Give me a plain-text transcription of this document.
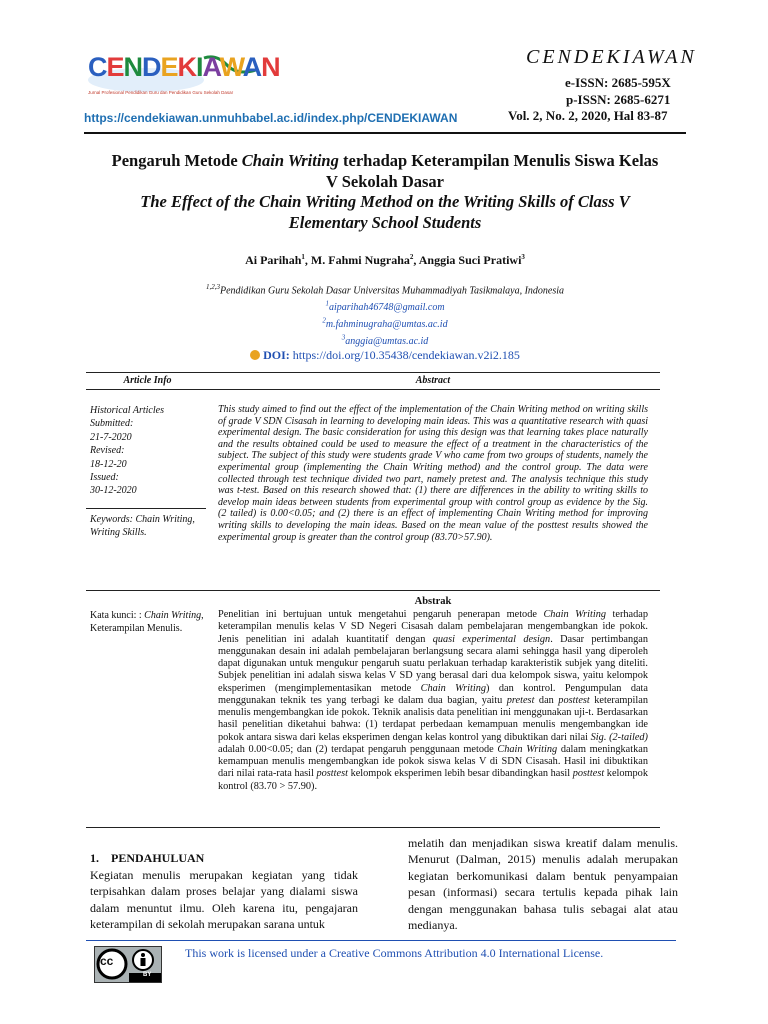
Jurnal Profesional Pendidikan Guru dan Pendidikan Guru Sekolah Dasar
CENDEKIAWAN
https://cendekiawan.unmuhbabel.ac.id/index.php/CENDEKIAWAN
CENDEKIAWAN
e-ISSN: 2685-595X
p-ISSN: 2685-6271
Vol. 2, No. 2, 2020, Hal 83-87
Pengaruh Metode Chain Writing terhadap Keterampilan Menulis Siswa Kelas
V Sekolah Dasar
The Effect of the Chain Writing Method on the Writing Skills of Class V
Elementary School Students
Ai Parihah$^1$, M. Fahmi Nugraha$^2$, Anggia Suci Pratiwi$^3$
$^{1,2,3}$Pendidikan Guru Sekolah Dasar Universitas Muhammadiyah Tasikmalaya, Indonesia
$^1$aiparihah46748@gmail.com
$^2$m.fahminugraha@umtas.ac.id
$^3$anggia@umtas.ac.id
DOI: https://doi.org/10.35438/cendekiawan.v2i2.185
Article Info	Abstract
Historical Articles
Submitted:
21-7-2020
Revised:
18-12-20
Issued:
30-12-2020
Keywords: Chain Writing, Writing Skills.
Kata kunci: : Chain Writing, Keterampilan Menulis.
This study aimed to find out the effect of the implementation of the Chain Writing method on writing skills of grade V SDN Cisasah in learning to developing main ideas. This was a quantitative research with quasi experimental design. The basic consideration for using this design was that learning takes place naturally and the results obtained could be used to measure the effect of a treatment in the characteristics of the subject. The subject of this study were students grade V who came from two groups of students, namely the experimental group (implementing the Chain Writing method) and the control group. The data were collected through test technique divided two part, namely pretest and. The analysis technique this study was t-test. Based on this research showed that: (1) there are differences in the ability to writing skills to develop main ideas between students from experimental group with control group as evidence by the Sig. (2 tailed) is 0.00<0.05; and (2) there is an effect of implementing Chain Writing method for improving writing skills to developing the main ideas. Based on the mean value of the posttest results showed the experimental group is greater than the control group (83.70>57.90).
Abstrak
Penelitian ini bertujuan untuk mengetahui pengaruh penerapan metode Chain Writing terhadap keterampilan menulis kelas V SD Negeri Cisasah dalam pembelajaran mengembangkan ide pokok. Jenis penelitian ini adalah kuantitatif dengan quasi experimental design. Dasar pertimbangan menggunakan desain ini adalah pembelajaran berlangsung secara alami sehingga hasil yang diperoleh dapat digunakan untuk mengukur pengaruh suatu perlakuan terhadap karakteristik subjek yang diteliti. Subjek penelitian ini adalah siswa kelas V SD yang berasal dari dua kelompok siswa, yaitu kelompok eksperimen (mengimplementasikan metode Chain Writing) dan kontrol. Pengumpulan data menggunakan teknik tes yang terbagi ke dalam dua bagian, yaitu pretest dan posttest keterampilan menulis mengembangkan ide pokok. Teknik analisis data penelitian ini menggunakan uji-t. Berdasarkan hasil penelitian diketahui bahwa: (1) terdapat perbedaan kemampuan menulis mengembangkan ide pokok antara siswa dari kelas eksperimen dengan kelas kontrol yang dibuktikan dari nilai Sig. (2-tailed) adalah 0.00<0.05; dan (2) terdapat pengaruh penggunaan metode Chain Writing dalam meningkatkan kemampuan menulis mengembangkan ide pokok siswa kelas V di SDN Cisasah. Hasil ini dibuktikan dari nilai rata-rata hasil posttest kelompok eksperimen lebih besar dibandingkan hasil posttest kelompok kontrol (83.70 > 57.90).
1.    PENDAHULUAN
Kegiatan menulis merupakan kegiatan yang tidak terpisahkan dalam proses belajar yang dialami siswa dalam menuntut ilmu. Oleh karena itu, pengajaran keterampilan di sekolah merupakan sarana untuk
melatih dan menjadikan siswa kreatif dalam menulis. Menurut (Dalman, 2015) menulis adalah merupakan kegiatan berkomunikasi dalam bentuk penyampaian pesan (informasi) secara tertulis kepada pihak lain dengan menggunakan bahasa tulis sebagai alat atau medianya.
cc
BY
This work is licensed under a Creative Commons Attribution 4.0 International License.
